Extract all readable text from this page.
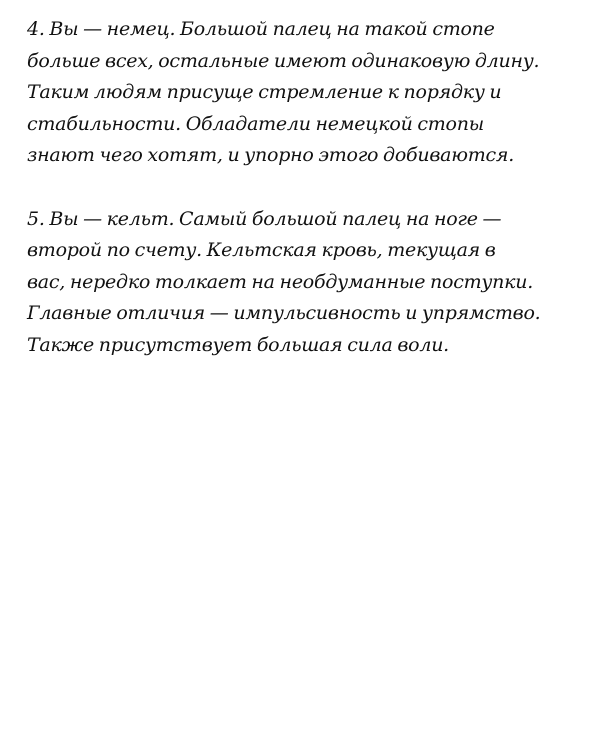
4. Вы — немец. Большой палец на такой стопе
больше всех, остальные имеют одинаковую длину.
Таким людям присуще стремление к порядку и
стабильности. Обладатели немецкой стопы
знают чего хотят, и упорно этого добиваются.

5. Вы — кельт. Самый большой палец на ноге —
второй по счету. Кельтская кровь, текущая в
вас, нередко толкает на необдуманные поступки.
Главные отличия — импульсивность и упрямство.
Также присутствует большая сила воли.
